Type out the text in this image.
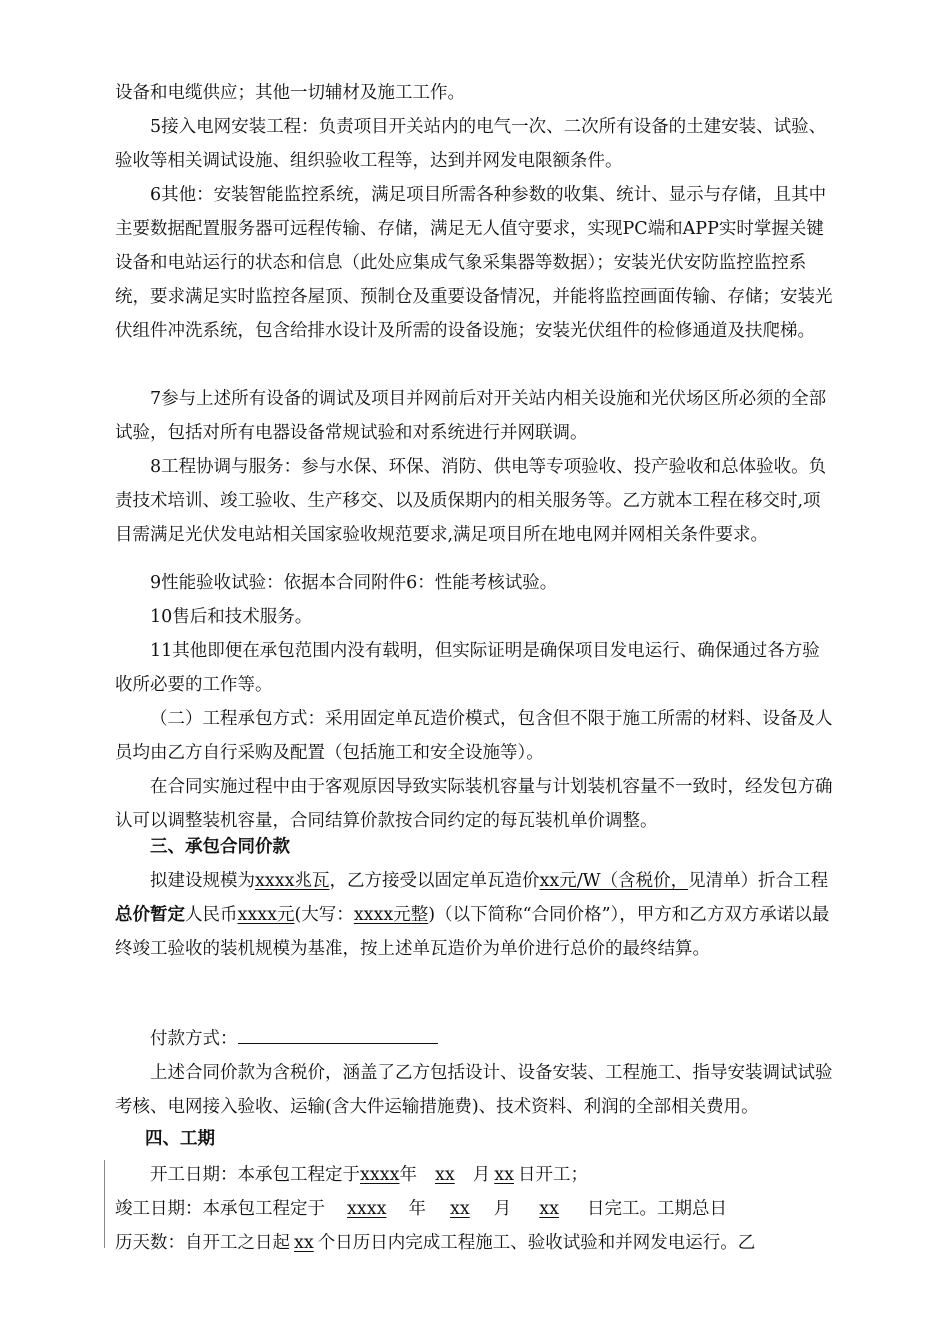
设备和电缆供应；其他一切辅材及施工工作。

5接入电网安装工程：负责项目开关站内的电气一次、二次所有设备的土建安装、试验、验收等相关调试设施、组织验收工程等，达到并网发电限额条件。

6其他：安装智能监控系统，满足项目所需各种参数的收集、统计、显示与存储，且其中主要数据配置服务器可远程传输、存储，满足无人值守要求，实现PC端和APP实时掌握关键设备和电站运行的状态和信息（此处应集成气象采集器等数据）；安装光伏安防监控监控系统，要求满足实时监控各屋顶、预制仓及重要设备情况，并能将监控画面传输、存储；安装光伏组件冲洗系统，包含给排水设计及所需的设备设施；安装光伏组件的检修通道及扶爬梯。

7参与上述所有设备的调试及项目并网前后对开关站内相关设施和光伏场区所必须的全部试验，包括对所有电器设备常规试验和对系统进行并网联调。

8工程协调与服务：参与水保、环保、消防、供电等专项验收、投产验收和总体验收。负责技术培训、竣工验收、生产移交、以及质保期内的相关服务等。乙方就本工程在移交时,项目需满足光伏发电站相关国家验收规范要求,满足项目所在地电网并网相关条件要求。

9性能验收试验：依据本合同附件6：性能考核试验。

10售后和技术服务。

11其他即便在承包范围内没有载明，但实际证明是确保项目发电运行、确保通过各方验收所必要的工作等。

（二）工程承包方式：采用固定单瓦造价模式，包含但不限于施工所需的材料、设备及人员均由乙方自行采购及配置（包括施工和安全设施等）。

在合同实施过程中由于客观原因导致实际装机容量与计划装机容量不一致时，经发包方确认可以调整装机容量，合同结算价款按合同约定的每瓦装机单价调整。

三、承包合同价款

拟建设规模为xxxx兆瓦，乙方接受以固定单瓦造价xx元/W（含税价，见清单）折合工程总价暂定人民币xxxx元(大写：xxxx元整)（以下简称“合同价格”），甲方和乙方双方承诺以最终竣工验收的装机规模为基准，按上述单瓦造价为单价进行总价的最终结算。

付款方式：

上述合同价款为含税价，涵盖了乙方包括设计、设备安装、工程施工、指导安装调试试验考核、电网接入验收、运输(含大件运输措施费)、技术资料、利润的全部相关费用。

四、工期
开工日期：本承包工程定于xxxx年 xx 月 xx 日开工；
竣工日期：本承包工程定于 xxxx 年 xx 月 xx 日完工。工期总日
历天数：自开工之日起 xx 个日历日内完成工程施工、验收试验和并网发电运行。乙
